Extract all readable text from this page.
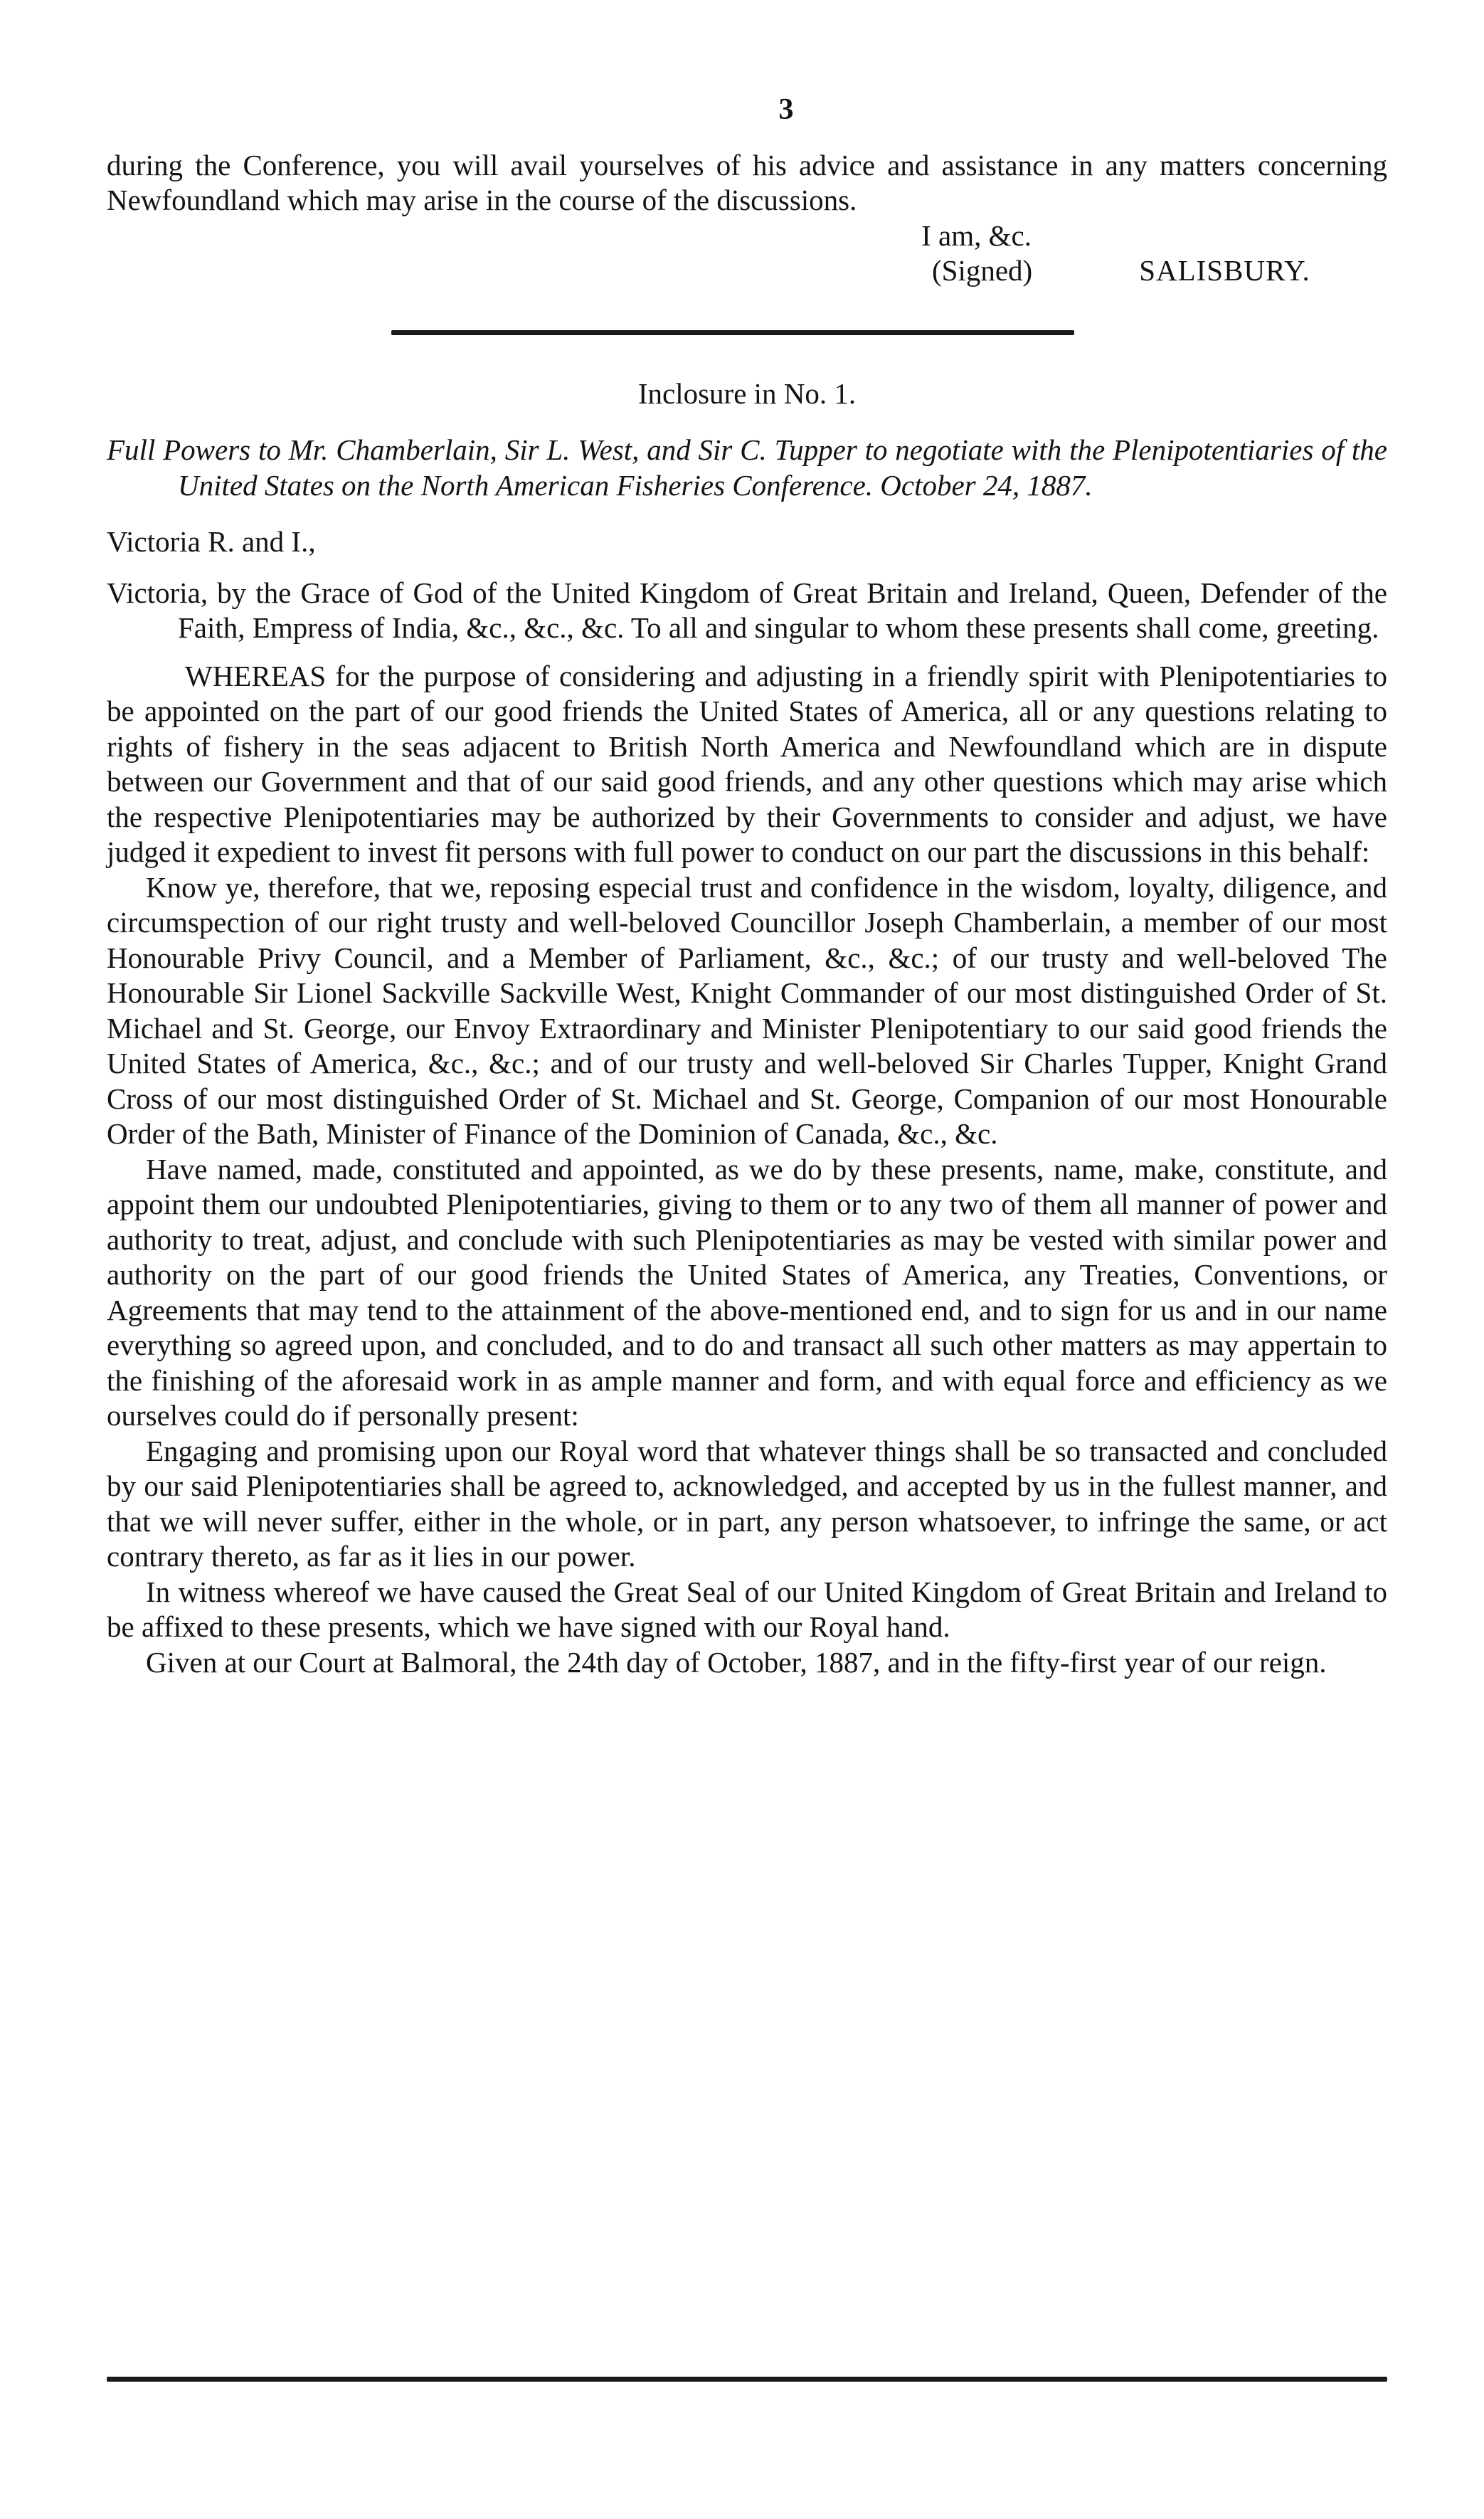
3

during the Conference, you will avail yourselves of his advice and assistance in any matters concerning Newfoundland which may arise in the course of the discussions.

I am, &c.

(Signed)	SALISBURY.

Inclosure in No. 1.

Full Powers to Mr. Chamberlain, Sir L. West, and Sir C. Tupper to negotiate with the Plenipotentiaries of the United States on the North American Fisheries Conference. October 24, 1887.

Victoria R. and I.,

Victoria, by the Grace of God of the United Kingdom of Great Britain and Ireland, Queen, Defender of the Faith, Empress of India, &c., &c., &c. To all and singular to whom these presents shall come, greeting.

WHEREAS for the purpose of considering and adjusting in a friendly spirit with Plenipotentiaries to be appointed on the part of our good friends the United States of America, all or any questions relating to rights of fishery in the seas adjacent to British North America and Newfoundland which are in dispute between our Government and that of our said good friends, and any other questions which may arise which the respective Plenipotentiaries may be authorized by their Governments to consider and adjust, we have judged it expedient to invest fit persons with full power to conduct on our part the discussions in this behalf:

Know ye, therefore, that we, reposing especial trust and confidence in the wisdom, loyalty, diligence, and circumspection of our right trusty and well-beloved Councillor Joseph Chamberlain, a member of our most Honourable Privy Council, and a Member of Parliament, &c., &c.; of our trusty and well-beloved The Honourable Sir Lionel Sackville Sackville West, Knight Commander of our most distinguished Order of St. Michael and St. George, our Envoy Extraordinary and Minister Plenipotentiary to our said good friends the United States of America, &c., &c.; and of our trusty and well-beloved Sir Charles Tupper, Knight Grand Cross of our most distinguished Order of St. Michael and St. George, Companion of our most Honourable Order of the Bath, Minister of Finance of the Dominion of Canada, &c., &c.

Have named, made, constituted and appointed, as we do by these presents, name, make, constitute, and appoint them our undoubted Plenipotentiaries, giving to them or to any two of them all manner of power and authority to treat, adjust, and conclude with such Plenipotentiaries as may be vested with similar power and authority on the part of our good friends the United States of America, any Treaties, Conventions, or Agreements that may tend to the attainment of the above-mentioned end, and to sign for us and in our name everything so agreed upon, and concluded, and to do and transact all such other matters as may appertain to the finishing of the aforesaid work in as ample manner and form, and with equal force and efficiency as we ourselves could do if personally present:

Engaging and promising upon our Royal word that whatever things shall be so transacted and concluded by our said Plenipotentiaries shall be agreed to, acknowledged, and accepted by us in the fullest manner, and that we will never suffer, either in the whole, or in part, any person whatsoever, to infringe the same, or act contrary thereto, as far as it lies in our power.

In witness whereof we have caused the Great Seal of our United Kingdom of Great Britain and Ireland to be affixed to these presents, which we have signed with our Royal hand.

Given at our Court at Balmoral, the 24th day of October, 1887, and in the fifty-first year of our reign.
